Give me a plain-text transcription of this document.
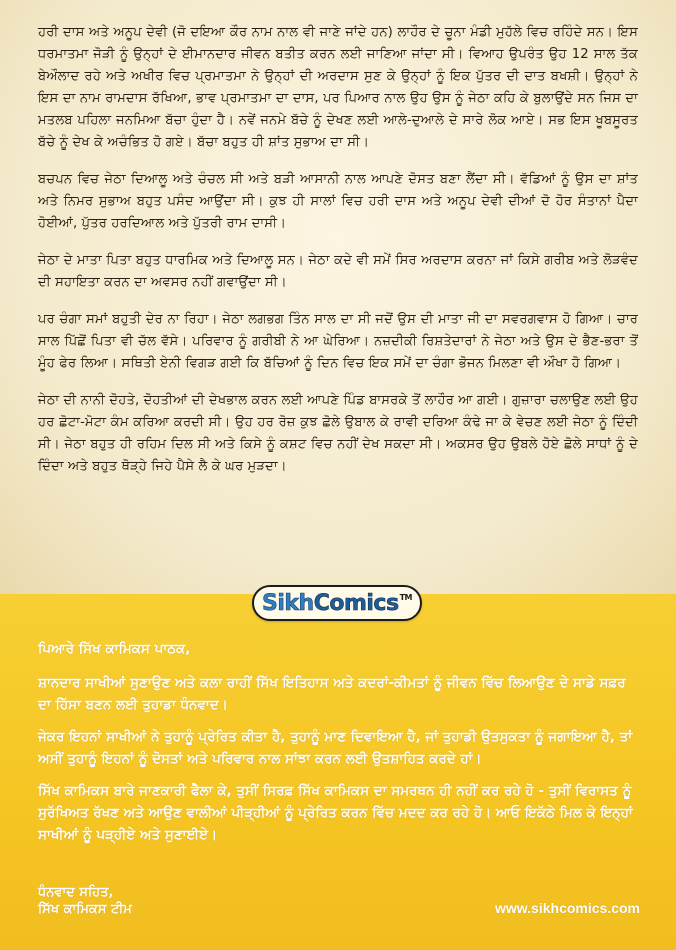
ਹਰੀ ਦਾਸ ਅਤੇ ਅਨੂਪ ਦੇਵੀ (ਜੋ ਦਇਆ ਕੌਰ ਨਾਮ ਨਾਲ ਵੀ ਜਾਣੇ ਜਾਂਦੇ ਹਨ) ਲਾਹੌਰ ਦੇ ਚੂਨਾ ਮੰਡੀ ਮੁਹੱਲੇ ਵਿਚ ਰਹਿੰਦੇ ਸਨ। ਇਸ ਧਰਮਾਤਮਾ ਜੋੜੀ ਨੂੰ ਉਨ੍ਹਾਂ ਦੇ ਈਮਾਨਦਾਰ ਜੀਵਨ ਬਤੀਤ ਕਰਨ ਲਈ ਜਾਣਿਆ ਜਾਂਦਾ ਸੀ। ਵਿਆਹ ਉਪਰੰਤ ਉਹ 12 ਸਾਲ ਤੱਕ ਬੇਔਲਾਦ ਰਹੇ ਅਤੇ ਅਖੀਰ ਵਿਚ ਪ੍ਰਮਾਤਮਾ ਨੇ ਉਨ੍ਹਾਂ ਦੀ ਅਰਦਾਸ ਸੁਣ ਕੇ ਉਨ੍ਹਾਂ ਨੂੰ ਇਕ ਪੁੱਤਰ ਦੀ ਦਾਤ ਬਖਸ਼ੀ। ਉਨ੍ਹਾਂ ਨੇ ਇਸ ਦਾ ਨਾਮ ਰਾਮਦਾਸ ਰੱਖਿਆ, ਭਾਵ ਪ੍ਰਮਾਤਮਾ ਦਾ ਦਾਸ, ਪਰ ਪਿਆਰ ਨਾਲ ਉਹ ਉਸ ਨੂੰ ਜੇਠਾ ਕਹਿ ਕੇ ਬੁਲਾਉਂਦੇ ਸਨ ਜਿਸ ਦਾ ਮਤਲਬ ਪਹਿਲਾ ਜਨਮਿਆ ਬੱਚਾ ਹੁੰਦਾ ਹੈ। ਨਵੇਂ ਜਨਮੇ ਬੱਚੇ ਨੂੰ ਦੇਖਣ ਲਈ ਆਲੇ-ਦੁਆਲੇ ਦੇ ਸਾਰੇ ਲੋਕ ਆਏ। ਸਭ ਇਸ ਖੂਬਸੂਰਤ ਬੱਚੇ ਨੂੰ ਦੇਖ ਕੇ ਅਚੰਭਿਤ ਹੋ ਗਏ। ਬੱਚਾ ਬਹੁਤ ਹੀ ਸ਼ਾਂਤ ਸੁਭਾਅ ਦਾ ਸੀ।

ਬਚਪਨ ਵਿਚ ਜੇਠਾ ਦਿਆਲੂ ਅਤੇ ਚੰਚਲ ਸੀ ਅਤੇ ਬੜੀ ਆਸਾਨੀ ਨਾਲ ਆਪਣੇ ਦੋਸਤ ਬਣਾ ਲੈਂਦਾ ਸੀ। ਵੱਡਿਆਂ ਨੂੰ ਉਸ ਦਾ ਸ਼ਾਂਤ ਅਤੇ ਨਿਮਰ ਸੁਭਾਅ ਬਹੁਤ ਪਸੰਦ ਆਉਂਦਾ ਸੀ। ਕੁਝ ਹੀ ਸਾਲਾਂ ਵਿਚ ਹਰੀ ਦਾਸ ਅਤੇ ਅਨੂਪ ਦੇਵੀ ਦੀਆਂ ਦੋ ਹੋਰ ਸੰਤਾਨਾਂ ਪੈਦਾ ਹੋਈਆਂ, ਪੁੱਤਰ ਹਰਦਿਆਲ ਅਤੇ ਪੁੱਤਰੀ ਰਾਮ ਦਾਸੀ।

ਜੇਠਾ ਦੇ ਮਾਤਾ ਪਿਤਾ ਬਹੁਤ ਧਾਰਮਿਕ ਅਤੇ ਦਿਆਲੂ ਸਨ। ਜੇਠਾ ਕਦੇ ਵੀ ਸਮੇਂ ਸਿਰ ਅਰਦਾਸ ਕਰਨਾ ਜਾਂ ਕਿਸੇ ਗਰੀਬ ਅਤੇ ਲੋੜਵੰਦ ਦੀ ਸਹਾਇਤਾ ਕਰਨ ਦਾ ਅਵਸਰ ਨਹੀਂ ਗਵਾਉਂਦਾ ਸੀ।

ਪਰ ਚੰਗਾ ਸਮਾਂ ਬਹੁਤੀ ਦੇਰ ਨਾ ਰਿਹਾ। ਜੇਠਾ ਲਗਭਗ ਤਿੰਨ ਸਾਲ ਦਾ ਸੀ ਜਦੋਂ ਉਸ ਦੀ ਮਾਤਾ ਜੀ ਦਾ ਸਵਰਗਵਾਸ ਹੋ ਗਿਆ। ਚਾਰ ਸਾਲ ਪਿੱਛੋਂ ਪਿਤਾ ਵੀ ਚੱਲ ਵੱਸੇ। ਪਰਿਵਾਰ ਨੂੰ ਗਰੀਬੀ ਨੇ ਆ ਘੇਰਿਆ। ਨਜ਼ਦੀਕੀ ਰਿਸ਼ਤੇਦਾਰਾਂ ਨੇ ਜੇਠਾ ਅਤੇ ਉਸ ਦੇ ਭੈਣ-ਭਰਾ ਤੋਂ ਮੂੰਹ ਫੇਰ ਲਿਆ। ਸਥਿਤੀ ਏਨੀ ਵਿਗੜ ਗਈ ਕਿ ਬੱਚਿਆਂ ਨੂੰ ਦਿਨ ਵਿਚ ਇਕ ਸਮੇਂ ਦਾ ਚੰਗਾ ਭੋਜਨ ਮਿਲਣਾ ਵੀ ਔਖਾ ਹੋ ਗਿਆ।

ਜੇਠਾ ਦੀ ਨਾਨੀ ਦੋਹਤੇ, ਦੋਹਤੀਆਂ ਦੀ ਦੇਖਭਾਲ ਕਰਨ ਲਈ ਆਪਣੇ ਪਿੰਡ ਬਾਸਰਕੇ ਤੋਂ ਲਾਹੌਰ ਆ ਗਈ। ਗੁਜ਼ਾਰਾ ਚਲਾਉਣ ਲਈ ਉਹ ਹਰ ਛੋਟਾ-ਮੋਟਾ ਕੰਮ ਕਰਿਆ ਕਰਦੀ ਸੀ। ਉਹ ਹਰ ਰੋਜ਼ ਕੁਝ ਛੋਲੇ ਉਬਾਲ ਕੇ ਰਾਵੀ ਦਰਿਆ ਕੰਢੇ ਜਾ ਕੇ ਵੇਚਣ ਲਈ ਜੇਠਾ ਨੂੰ ਦਿੰਦੀ ਸੀ। ਜੇਠਾ ਬਹੁਤ ਹੀ ਰਹਿਮ ਦਿਲ ਸੀ ਅਤੇ ਕਿਸੇ ਨੂੰ ਕਸ਼ਟ ਵਿਚ ਨਹੀਂ ਦੇਖ ਸਕਦਾ ਸੀ। ਅਕਸਰ ਉਹ ਉਬਲੇ ਹੋਏ ਛੋਲੇ ਸਾਧਾਂ ਨੂੰ ਦੇ ਦਿੰਦਾ ਅਤੇ ਬਹੁਤ ਥੋੜ੍ਹੇ ਜਿਹੇ ਪੈਸੇ ਲੈ ਕੇ ਘਰ ਮੁੜਦਾ।

Sikh Comics TM

ਪਿਆਰੇ ਸਿੱਖ ਕਾਮਿਕਸ ਪਾਠਕ,

ਸ਼ਾਨਦਾਰ ਸਾਖੀਆਂ ਸੁਣਾਉਣ ਅਤੇ ਕਲਾ ਰਾਹੀਂ ਸਿੱਖ ਇਤਿਹਾਸ ਅਤੇ ਕਦਰਾਂ-ਕੀਮਤਾਂ ਨੂੰ ਜੀਵਨ ਵਿੱਚ ਲਿਆਉਣ ਦੇ ਸਾਡੇ ਸਫ਼ਰ ਦਾ ਹਿੱਸਾ ਬਣਨ ਲਈ ਤੁਹਾਡਾ ਧੰਨਵਾਦ।

ਜੇਕਰ ਇਹਨਾਂ ਸਾਖੀਆਂ ਨੇ ਤੁਹਾਨੂੰ ਪ੍ਰੇਰਿਤ ਕੀਤਾ ਹੈ, ਤੁਹਾਨੂੰ ਮਾਣ ਦਿਵਾਇਆ ਹੈ, ਜਾਂ ਤੁਹਾਡੀ ਉਤਸੁਕਤਾ ਨੂੰ ਜਗਾਇਆ ਹੈ, ਤਾਂ ਅਸੀਂ ਤੁਹਾਨੂੰ ਇਹਨਾਂ ਨੂੰ ਦੋਸਤਾਂ ਅਤੇ ਪਰਿਵਾਰ ਨਾਲ ਸਾਂਝਾ ਕਰਨ ਲਈ ਉਤਸ਼ਾਹਿਤ ਕਰਦੇ ਹਾਂ।

ਸਿੱਖ ਕਾਮਿਕਸ ਬਾਰੇ ਜਾਣਕਾਰੀ ਫੈਲਾ ਕੇ, ਤੁਸੀਂ ਸਿਰਫ਼ ਸਿੱਖ ਕਾਮਿਕਸ ਦਾ ਸਮਰਥਨ ਹੀ ਨਹੀਂ ਕਰ ਰਹੇ ਹੋ - ਤੁਸੀਂ ਵਿਰਾਸਤ ਨੂੰ ਸੁਰੱਖਿਅਤ ਰੱਖਣ ਅਤੇ ਆਉਣ ਵਾਲੀਆਂ ਪੀੜ੍ਹੀਆਂ ਨੂੰ ਪ੍ਰੇਰਿਤ ਕਰਨ ਵਿੱਚ ਮਦਦ ਕਰ ਰਹੇ ਹੋ। ਆਓ ਇਕੱਠੇ ਮਿਲ ਕੇ ਇਨ੍ਹਾਂ ਸਾਖੀਆਂ ਨੂੰ ਪੜ੍ਹੀਏ ਅਤੇ ਸੁਣਾਈਏ।

ਧੰਨਵਾਦ ਸਹਿਤ,
ਸਿੱਖ ਕਾਮਿਕਸ ਟੀਮ	www.sikhcomics.com
